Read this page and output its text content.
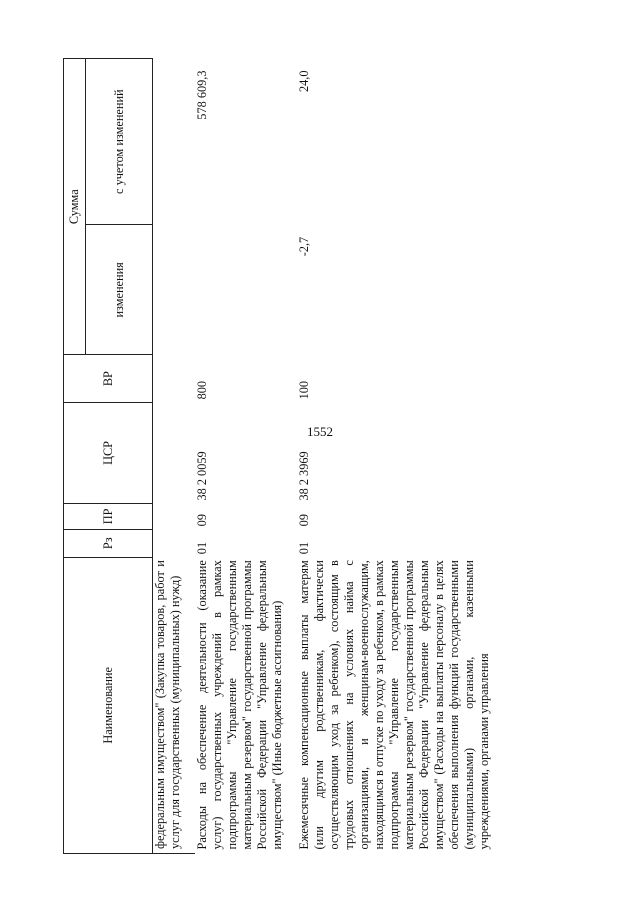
1552
Наименование	Рз	ПР	ЦСР	ВР	Сумма	
					изменения	с учетом изменений
федеральным имуществом" (Закупка товаров, работ и услуг для государственных (муниципальных) нужд)						
Расходы на обеспечение деятельности (оказание услуг) государственных учреждений в рамках подпрограммы "Управление государственным материальным резервом" государственной программы Российской Федерации "Управление федеральным имуществом" (Иные бюджетные ассигнования)	01	09	38 2 0059	800		578 609,3
Ежемесячные компенсационные выплаты матерям (или другим родственникам, фактически осуществляющим уход за ребенком), состоящим в трудовых отношениях на условиях найма с организациями, и женщинам-военнослужащим, находящимся в отпуске по уходу за ребенком, в рамках подпрограммы "Управление государственным материальным резервом" государственной программы Российской Федерации "Управление федеральным имуществом" (Расходы на выплаты персоналу в целях обеспечения выполнения функций государственными (муниципальными) органами, казенными учреждениями, органами управления	01	09	38 2 3969	100	-2,7	24,0
